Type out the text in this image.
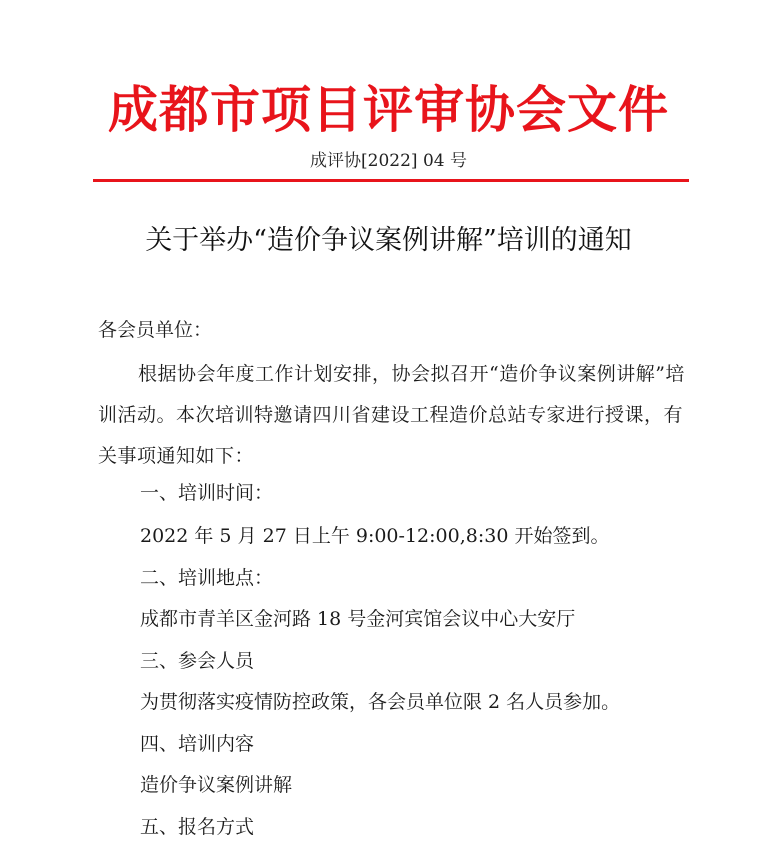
成都市项目评审协会文件
成评协[2022] 04 号
关于举办“造价争议案例讲解”培训的通知
各会员单位：
根据协会年度工作计划安排，协会拟召开“造价争议案例讲解”培训活动。本次培训特邀请四川省建设工程造价总站专家进行授课，有关事项通知如下：
一、培训时间：
2022 年 5 月 27 日上午 9:00-12:00,8:30 开始签到。
二、培训地点：
成都市青羊区金河路 18 号金河宾馆会议中心大安厅
三、参会人员
为贯彻落实疫情防控政策，各会员单位限 2 名人员参加。
四、培训内容
造价争议案例讲解
五、报名方式
